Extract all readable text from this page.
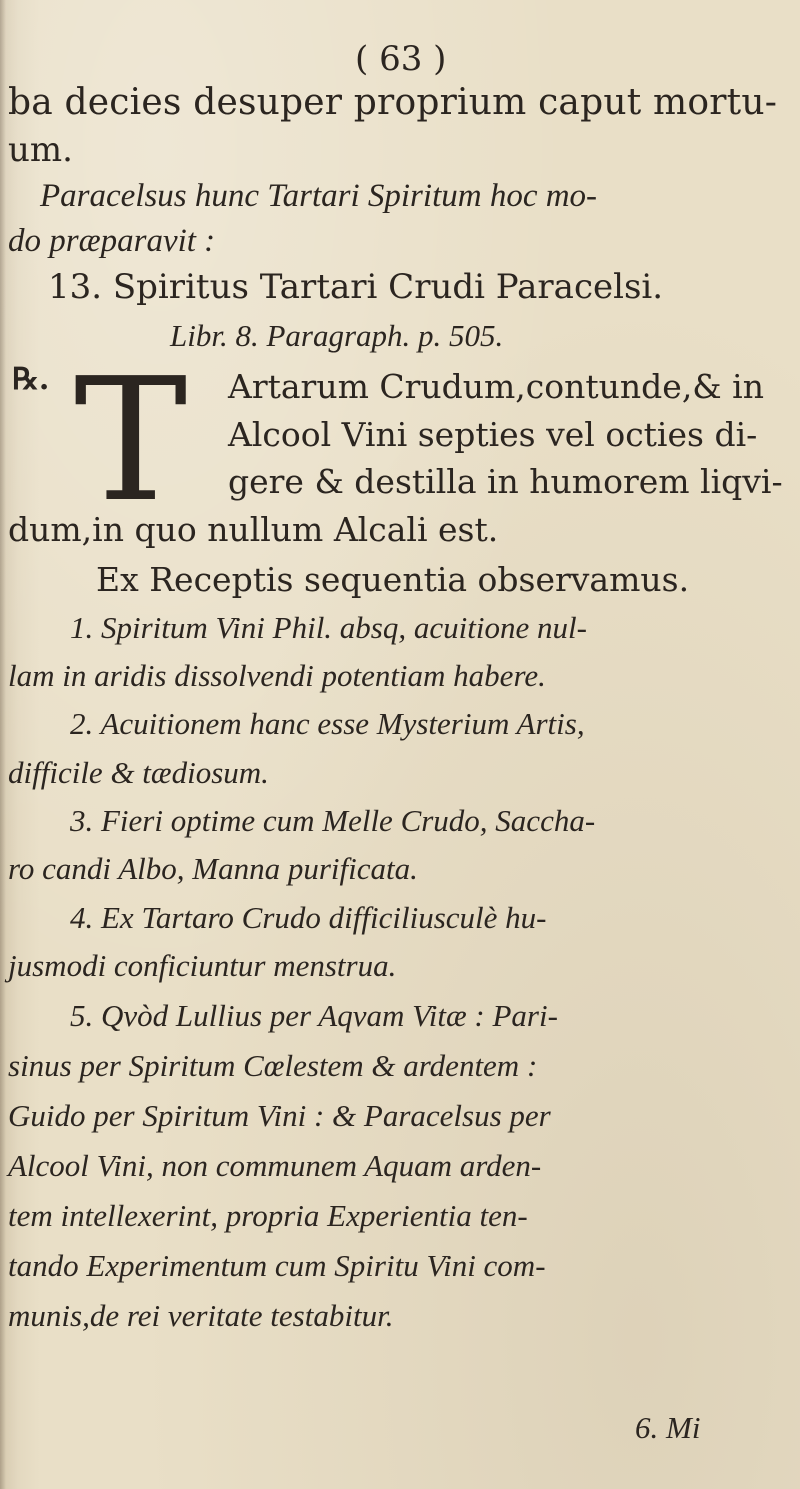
( 63 )
ba decies desuper proprium caput mortu-
um.
Paracelsus hunc Tartari Spiritum hoc mo-
do præparavit :
13. Spiritus Tartari Crudi Paracelsi.
Libr. 8. Paragraph. p. 505.
℞. T Artarum Crudum,contunde,& in
Alcool Vini septies vel octies di-
gere & destilla in humorem liqvi-
dum,in quo nullum Alcali est.
Ex Receptis sequentia observamus.
1. Spiritum Vini Phil. absq, acuitione nul-
lam in aridis dissolvendi potentiam habere.
2. Acuitionem hanc esse Mysterium Artis,
difficile & tædiosum.
3. Fieri optime cum Melle Crudo, Saccha-
ro candi Albo, Manna purificata.
4. Ex Tartaro Crudo difficiliusculè hu-
jusmodi conficiuntur menstrua.
5. Qvòd Lullius per Aqvam Vitæ : Pari-
sinus per Spiritum Cœlestem & ardentem :
Guido per Spiritum Vini : & Paracelsus per
Alcool Vini, non communem Aquam arden-
tem intellexerint, propria Experientia ten-
tando Experimentum cum Spiritu Vini com-
munis,de rei veritate testabitur.
6. Mi
